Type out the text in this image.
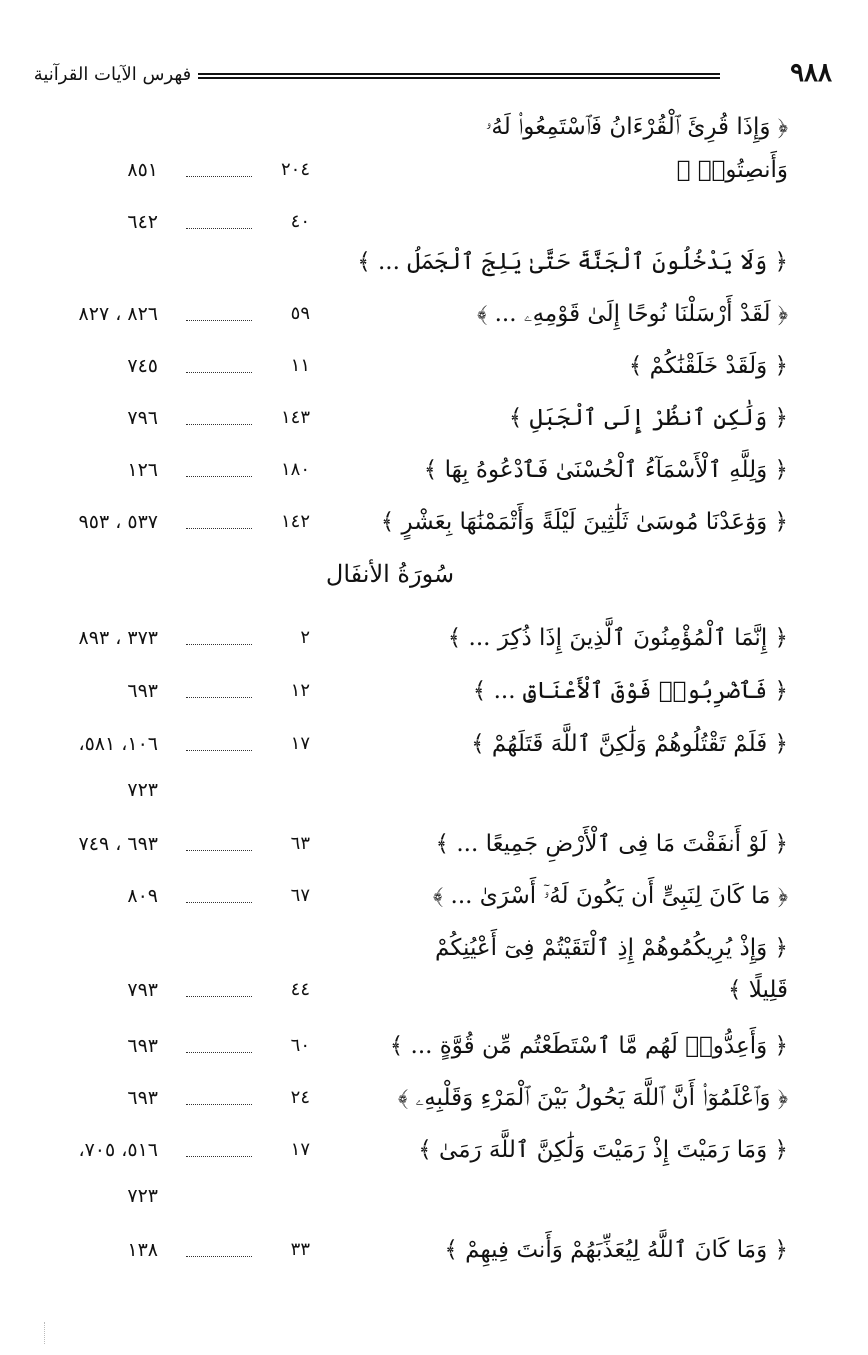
٩٨٨
فهرس الآيات القرآنية
﴿ وَإِذَا قُرِئَ ٱلْقُرْءَانُ فَٱسْتَمِعُوا۟ لَهُۥ
وَأَنصِتُوا۟ ﴾
٢٠٤
٨٥١
٤٠
٦٤٢
﴿ وَلَا يَدْخُلُونَ ٱلْجَنَّةَ حَتَّىٰ يَلِجَ ٱلْجَمَلُ ... ﴾
﴿ لَقَدْ أَرْسَلْنَا نُوحًا إِلَىٰ قَوْمِهِۦ ... ﴾
٥٩
٨٢٦ ، ٨٢٧
﴿ وَلَقَدْ خَلَقْنَٰكُمْ ﴾
١١
٧٤٥
﴿ وَلَٰكِنِ ٱنظُرْ إِلَى ٱلْجَبَلِ ﴾
١٤٣
٧٩٦
﴿ وَلِلَّهِ ٱلْأَسْمَآءُ ٱلْحُسْنَىٰ فَٱدْعُوهُ بِهَا ﴾
١٨٠
١٢٦
﴿ وَوَٰعَدْنَا مُوسَىٰ ثَلَٰثِينَ لَيْلَةً وَأَتْمَمْنَٰهَا بِعَشْرٍ ﴾
١٤٢
٥٣٧ ، ٩٥٣
سُورَةُ الأنفَال
﴿ إِنَّمَا ٱلْمُؤْمِنُونَ ٱلَّذِينَ إِذَا ذُكِرَ ... ﴾
٢
٣٧٣ ، ٨٩٣
﴿ فَٱضْرِبُوا۟ فَوْقَ ٱلْأَعْنَاقِ ... ﴾
١٢
٦٩٣
﴿ فَلَمْ تَقْتُلُوهُمْ وَلَٰكِنَّ ٱللَّهَ قَتَلَهُمْ ﴾
١٧
١٠٦، ٥٨١،
٧٢٣
﴿ لَوْ أَنفَقْتَ مَا فِى ٱلْأَرْضِ جَمِيعًا ... ﴾
٦٣
٦٩٣ ، ٧٤٩
﴿ مَا كَانَ لِنَبِىٍّ أَن يَكُونَ لَهُۥٓ أَسْرَىٰ ... ﴾
٦٧
٨٠٩
﴿ وَإِذْ يُرِيكُمُوهُمْ إِذِ ٱلْتَقَيْتُمْ فِىٓ أَعْيُنِكُمْ
قَلِيلًا ﴾
٤٤
٧٩٣
﴿ وَأَعِدُّوا۟ لَهُم مَّا ٱسْتَطَعْتُم مِّن قُوَّةٍ ... ﴾
٦٠
٦٩٣
﴿ وَٱعْلَمُوٓا۟ أَنَّ ٱللَّهَ يَحُولُ بَيْنَ ٱلْمَرْءِ وَقَلْبِهِۦ ﴾
٢٤
٦٩٣
﴿ وَمَا رَمَيْتَ إِذْ رَمَيْتَ وَلَٰكِنَّ ٱللَّهَ رَمَىٰ ﴾
١٧
٥١٦، ٧٠٥،
٧٢٣
﴿ وَمَا كَانَ ٱللَّهُ لِيُعَذِّبَهُمْ وَأَنتَ فِيهِمْ ﴾
٣٣
١٣٨
